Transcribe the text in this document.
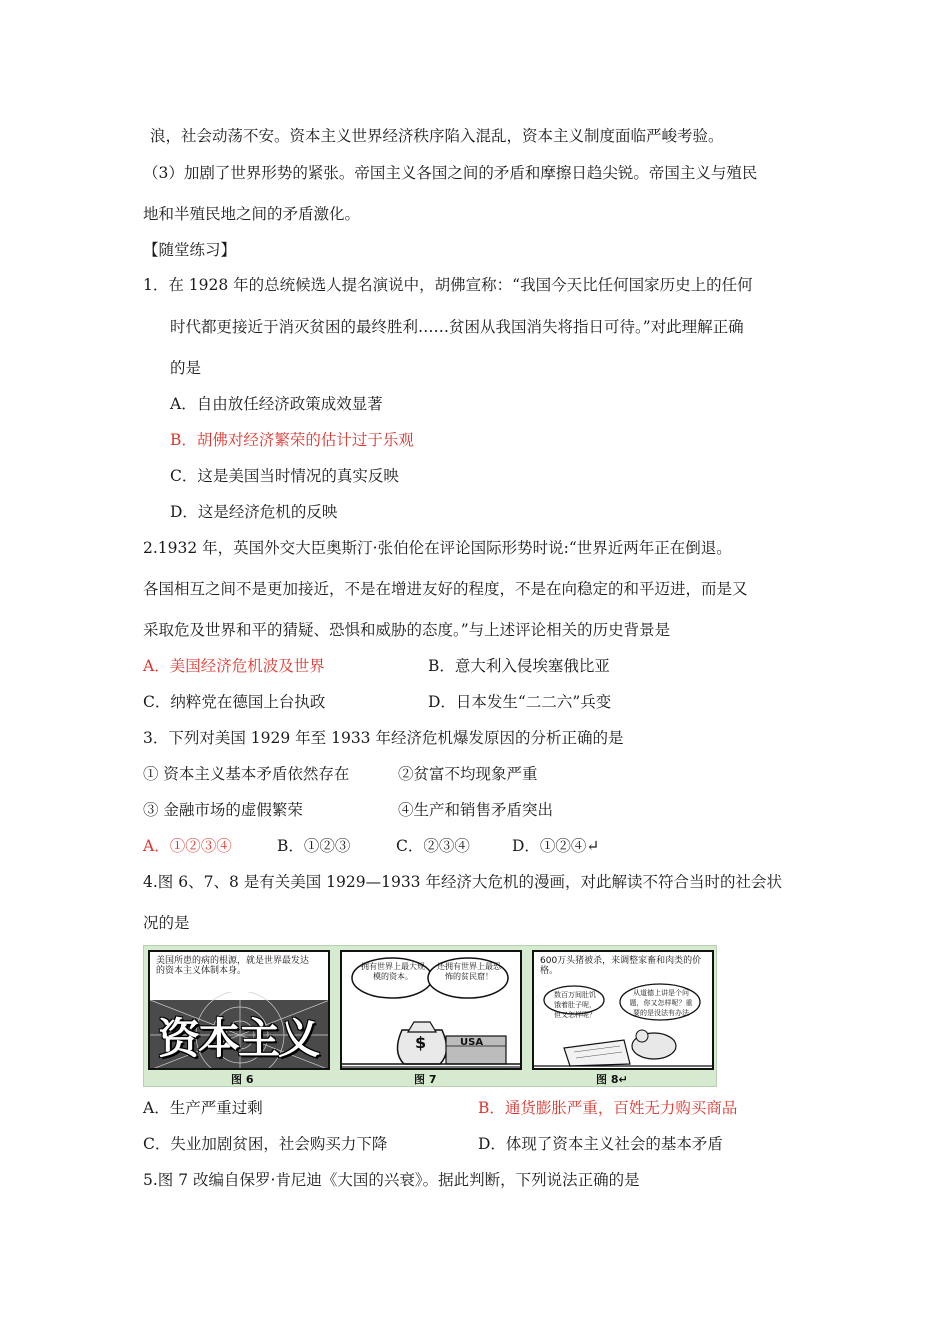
浪，社会动荡不安。资本主义世界经济秩序陷入混乱，资本主义制度面临严峻考验。
（3）加剧了世界形势的紧张。帝国主义各国之间的矛盾和摩擦日趋尖锐。帝国主义与殖民
地和半殖民地之间的矛盾激化。
【随堂练习】
1．在 1928 年的总统候选人提名演说中，胡佛宣称：“我国今天比任何国家历史上的任何
时代都更接近于消灭贫困的最终胜利……贫困从我国消失将指日可待。”对此理解正确
的是
A．自由放任经济政策成效显著
B．胡佛对经济繁荣的估计过于乐观
C．这是美国当时情况的真实反映
D．这是经济危机的反映
2.1932 年，英国外交大臣奥斯汀·张伯伦在评论国际形势时说:“世界近两年正在倒退。
各国相互之间不是更加接近，不是在增进友好的程度，不是在向稳定的和平迈进，而是又
采取危及世界和平的猜疑、恐惧和威胁的态度。”与上述评论相关的历史背景是
A．美国经济危机波及世界	B．意大利入侵埃塞俄比亚
C．纳粹党在德国上台执政	D．日本发生“二二六”兵变
3．下列对美国 1929 年至 1933 年经济危机爆发原因的分析正确的是
① 资本主义基本矛盾依然存在	②贫富不均现象严重
③ 金融市场的虚假繁荣	④生产和销售矛盾突出
A．①②③④	B．①②③	C．②③④	D．①②④↵
4.图 6、7、8 是有关美国 1929—1933 年经济大危机的漫画，对此解读不符合当时的社会状
况的是
美国所患的病的根源，就是世界最发达的资本主义体制本身。
资本主义
拥有世界上最大规模的资本。
还拥有世界上最恐怖的贫民窟！
$	USA
600万头猪被杀，来调整家畜和肉类的价格。
数百万间肚饥饿着肚子呢，但又怎样呢？
从道德上讲是个问题，你又怎样呢？重要的是没法有办法
图 6	图 7	图 8↵
A．生产严重过剩	B．通货膨胀严重，百姓无力购买商品
C．失业加剧贫困，社会购买力下降	D．体现了资本主义社会的基本矛盾
5.图 7 改编自保罗·肯尼迪《大国的兴衰》。据此判断，下列说法正确的是
